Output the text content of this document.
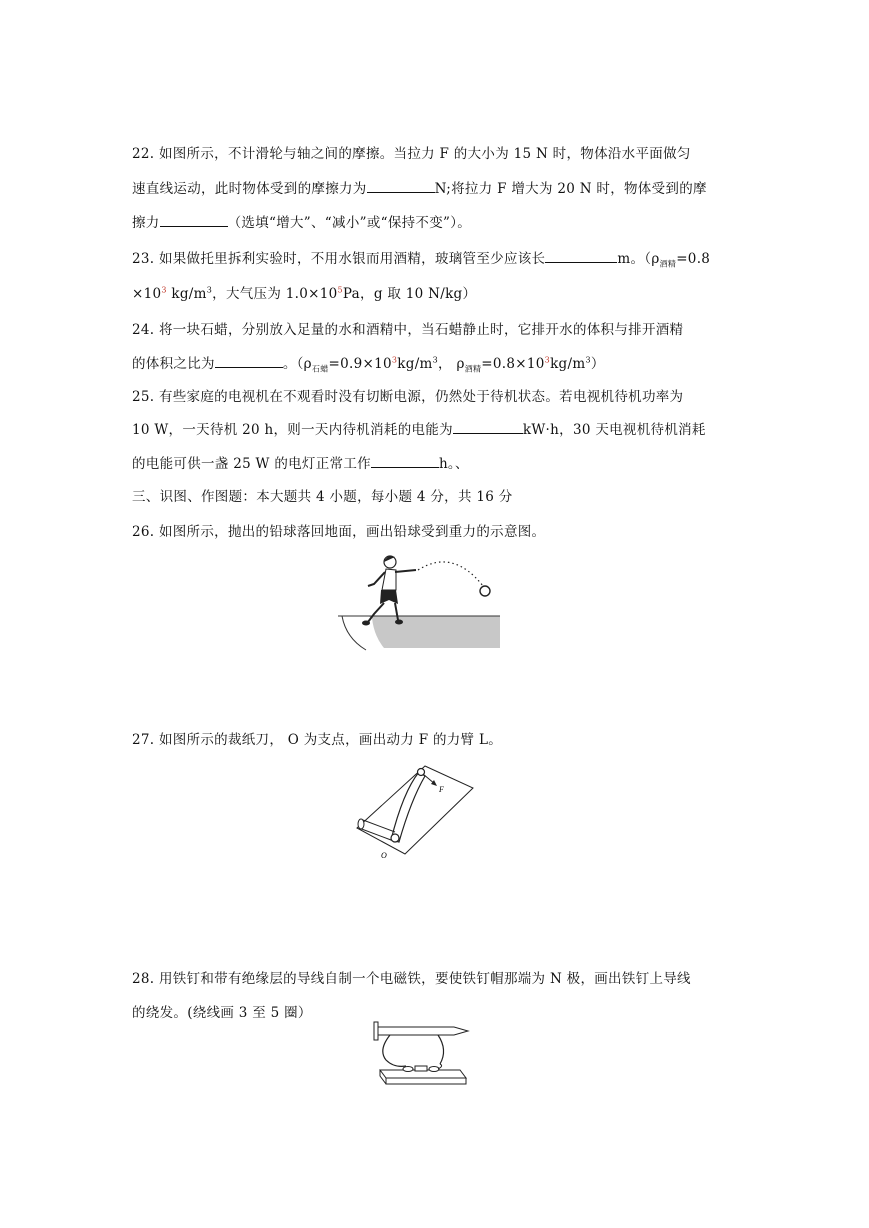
22. 如图所示，不计滑轮与轴之间的摩擦。当拉力 F 的大小为 15 N 时，物体沿水平面做匀
速直线运动，此时物体受到的摩擦力为	N;将拉力 F 增大为 20 N 时，物体受到的摩
擦力	（选填“增大”、“减小”或“保持不变”）。
23. 如果做托里拆利实验时，不用水银而用酒精，玻璃管至少应该长	m。（$\rho_{酒精}=0.8$
$\times 10^3$ $kg/m^3$，大气压为 $1.0\times 10^5Pa$，g 取 10 N/kg）
24. 将一块石蜡，分别放入足量的水和酒精中，当石蜡静止时，它排开水的体积与排开酒精
的体积之比为	。（$\rho_{石蜡}=0.9\times 10^3kg/m^3$， $\rho_{酒精}=0.8\times 10^3kg/m^3$）
25. 有些家庭的电视机在不观看时没有切断电源，仍然处于待机状态。若电视机待机功率为
10 W，一天待机 20 h，则一天内待机消耗的电能为	kW·h，30 天电视机待机消耗
的电能可供一盏 25 W 的电灯正常工作	h。、
三、识图、作图题：本大题共 4 小题，每小题 4 分，共 16 分
26. 如图所示，抛出的铅球落回地面，画出铅球受到重力的示意图。
27. 如图所示的裁纸刀， O 为支点，画出动力 F 的力臂 L。
F
O
28. 用铁钉和带有绝缘层的导线自制一个电磁铁，要使铁钉帽那端为 N 极，画出铁钉上导线
的绕发。(绕线画 3 至 5 圈）
